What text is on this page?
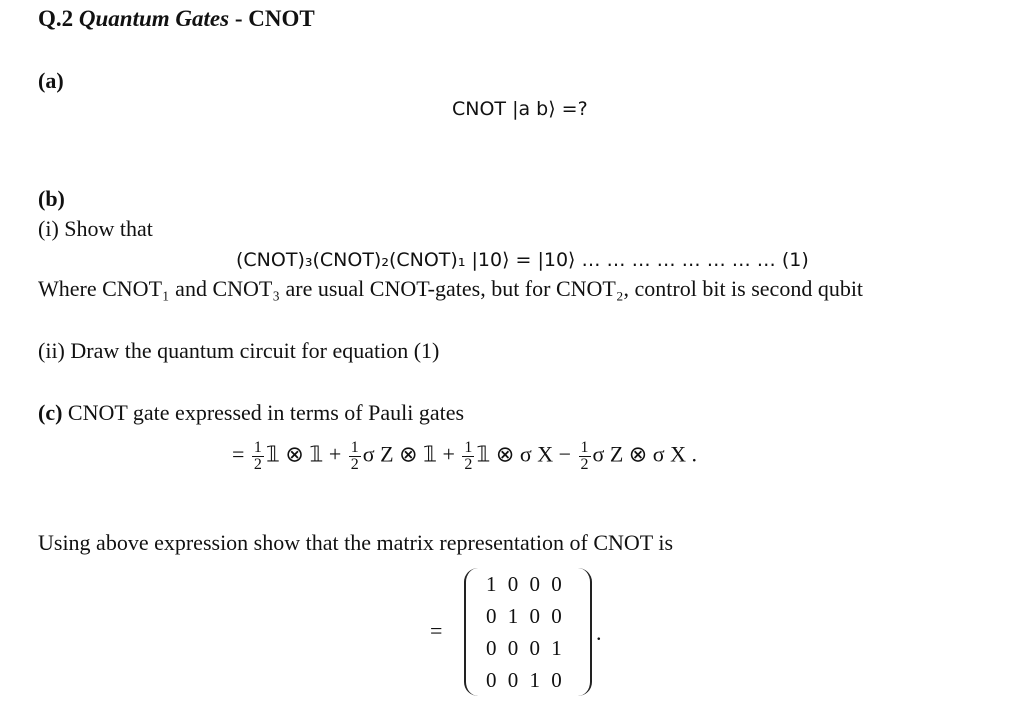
Q.2 Quantum Gates - CNOT
(a)
CNOT |a b⟩ =?
(b)
(i) Show that
(CNOT)₃(CNOT)₂(CNOT)₁ |10⟩ = |10⟩ … … … … … … … … (1)
Where CNOT₁ and CNOT₃ are usual CNOT-gates, but for CNOT₂, control bit is second qubit
(ii) Draw the quantum circuit for equation (1)
(c) CNOT gate expressed in terms of Pauli gates
= $\frac{1}{2}$ 𝟙 ⊗ 𝟙 + $\frac{1}{2}$ σ Z ⊗ 𝟙 + $\frac{1}{2}$ 𝟙 ⊗ σ $X - \frac{1}{2}$ σ Z ⊗ σ X .
Using above expression show that the matrix representation of CNOT is
=
1 0 0 0
0 1 0 0
0 0 0 1
0 0 1 0
.
